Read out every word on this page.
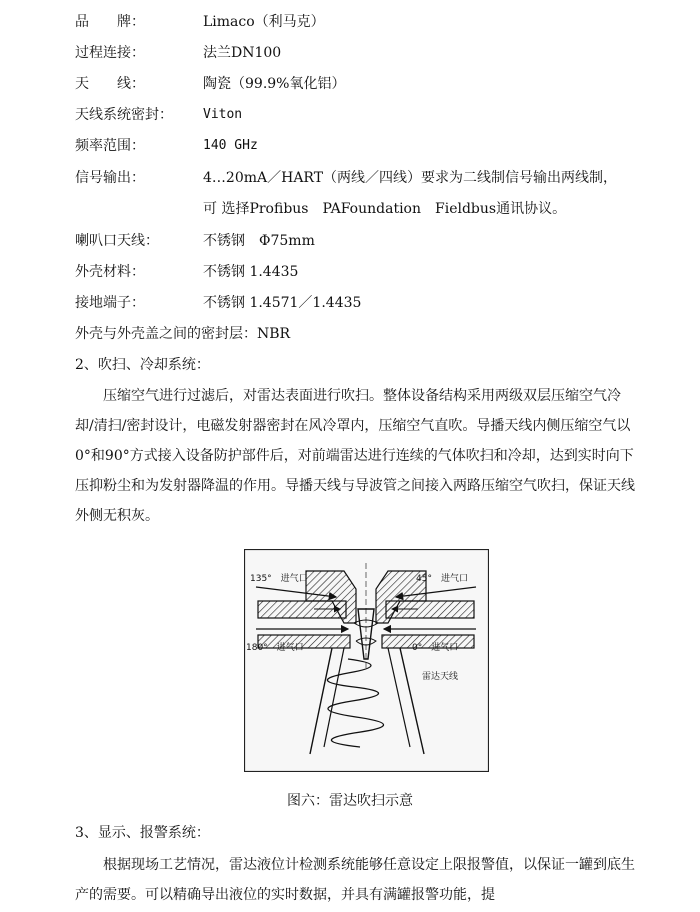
品　　牌：	Limaco（利马克）
过程连接：	法兰DN100
天　　线：	陶瓷（99.9%氧化铝）
天线系统密封： Viton
频率范围：	140 GHz
信号输出：	4…20mA／HART（两线／四线）要求为二线制信号输出两线制，
可 选择Profibus　PAFoundation　Fieldbus通讯协议。
喇叭口天线：	不锈钢　Φ75mm
外壳材料：	不锈钢 1.4435
接地端子：	不锈钢 1.4571／1.4435
外壳与外壳盖之间的密封层：NBR
2、吹扫、冷却系统：
压缩空气进行过滤后，对雷达表面进行吹扫。整体设备结构采用两级双层压缩空气冷却/清扫/密封设计，电磁发射器密封在风冷罩内，压缩空气直吹。导播天线内侧压缩空气以0°和90°方式接入设备防护部件后，对前端雷达进行连续的气体吹扫和冷却，达到实时向下压抑粉尘和为发射器降温的作用。导播天线与导波管之间接入两路压缩空气吹扫，保证天线外侧无积灰。
135°　进气口	45°　进气口
180°　进气口	0°　进气口
雷达天线
图六：雷达吹扫示意
3、显示、报警系统：
根据现场工艺情况，雷达液位计检测系统能够任意设定上限报警值，以保证一罐到底生产的需要。可以精确导出液位的实时数据，并具有满罐报警功能，提
